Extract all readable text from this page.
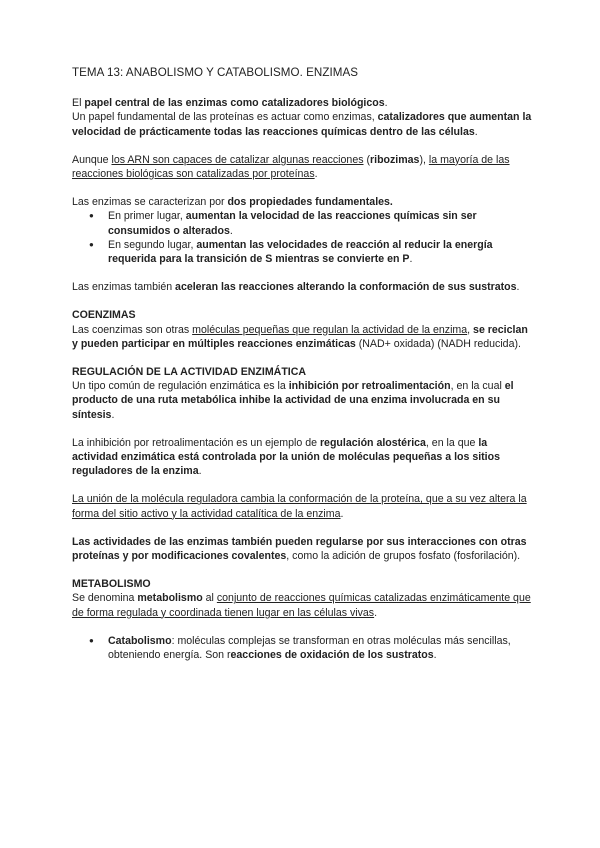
TEMA 13: ANABOLISMO Y CATABOLISMO. ENZIMAS

El papel central de las enzimas como catalizadores biológicos.

Un papel fundamental de las proteínas es actuar como enzimas, catalizadores que aumentan la velocidad de prácticamente todas las reacciones químicas dentro de las células.

Aunque los ARN son capaces de catalizar algunas reacciones (ribozimas), la mayoría de las reacciones biológicas son catalizadas por proteínas.

Las enzimas se caracterizan por dos propiedades fundamentales.

● En primer lugar, aumentan la velocidad de las reacciones químicas sin ser consumidos o alterados.
● En segundo lugar, aumentan las velocidades de reacción al reducir la energía requerida para la transición de S mientras se convierte en P.

Las enzimas también aceleran las reacciones alterando la conformación de sus sustratos.

COENZIMAS

Las coenzimas son otras moléculas pequeñas que regulan la actividad de la enzima, se reciclan y pueden participar en múltiples reacciones enzimáticas (NAD+ oxidada) (NADH reducida).

REGULACIÓN DE LA ACTIVIDAD ENZIMÁTICA

Un tipo común de regulación enzimática es la inhibición por retroalimentación, en la cual el producto de una ruta metabólica inhibe la actividad de una enzima involucrada en su síntesis.

La inhibición por retroalimentación es un ejemplo de regulación alostérica, en la que la actividad enzimática está controlada por la unión de moléculas pequeñas a los sitios reguladores de la enzima.

La unión de la molécula reguladora cambia la conformación de la proteína, que a su vez altera la forma del sitio activo y la actividad catalítica de la enzima.

Las actividades de las enzimas también pueden regularse por sus interacciones con otras proteínas y por modificaciones covalentes, como la adición de grupos fosfato (fosforilación).

METABOLISMO

Se denomina metabolismo al conjunto de reacciones químicas catalizadas enzimáticamente que de forma regulada y coordinada tienen lugar en las células vivas.

● Catabolismo: moléculas complejas se transforman en otras moléculas más sencillas, obteniendo energía. Son reacciones de oxidación de los sustratos.
